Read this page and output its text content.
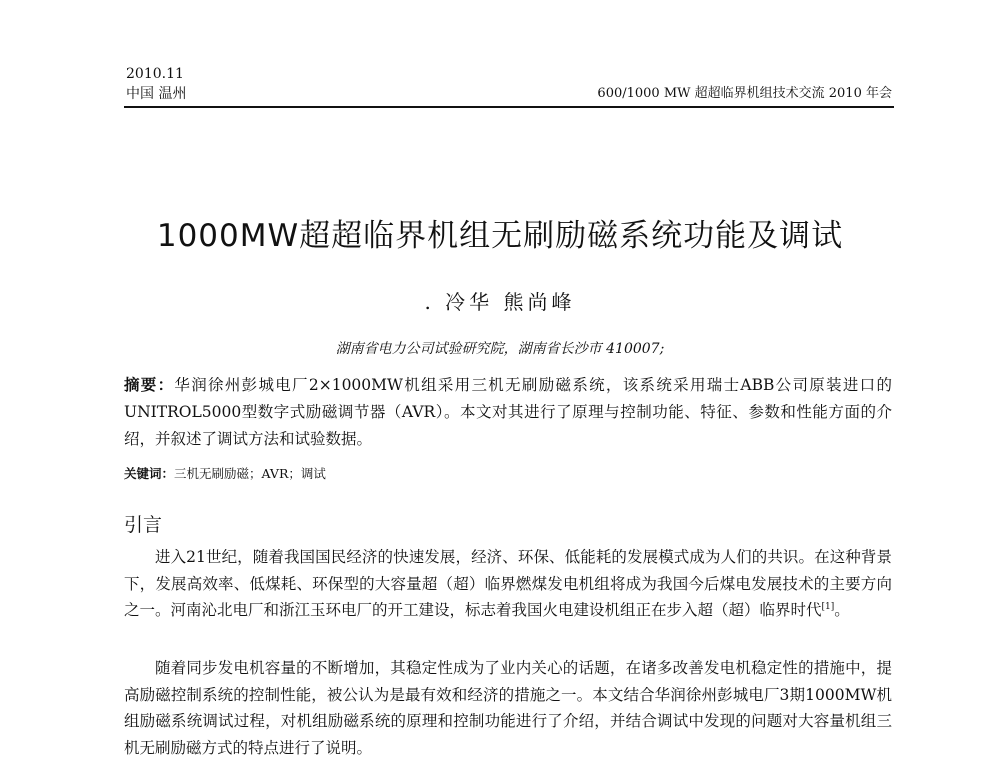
2010.11
中国 温州	600/1000 MW 超超临界机组技术交流 2010 年会
1000MW超超临界机组无刷励磁系统功能及调试
. 冷华 熊尚峰
湖南省电力公司试验研究院，湖南省长沙市 410007;
摘要：华润徐州彭城电厂2×1000MW机组采用三机无刷励磁系统，该系统采用瑞士ABB公司原装进口的UNITROL5000型数字式励磁调节器（AVR）。本文对其进行了原理与控制功能、特征、参数和性能方面的介绍，并叙述了调试方法和试验数据。
关键词：三机无刷励磁；AVR；调试
引言

进入21世纪，随着我国国民经济的快速发展，经济、环保、低能耗的发展模式成为人们的共识。在这种背景下，发展高效率、低煤耗、环保型的大容量超（超）临界燃煤发电机组将成为我国今后煤电发展技术的主要方向之一。河南沁北电厂和浙江玉环电厂的开工建设，标志着我国火电建设机组正在步入超（超）临界时代[1]。

随着同步发电机容量的不断增加，其稳定性成为了业内关心的话题，在诸多改善发电机稳定性的措施中，提高励磁控制系统的控制性能，被公认为是最有效和经济的措施之一。本文结合华润徐州彭城电厂3期1000MW机组励磁系统调试过程，对机组励磁系统的原理和控制功能进行了介绍，并结合调试中发现的问题对大容量机组三机无刷励磁方式的特点进行了说明。
